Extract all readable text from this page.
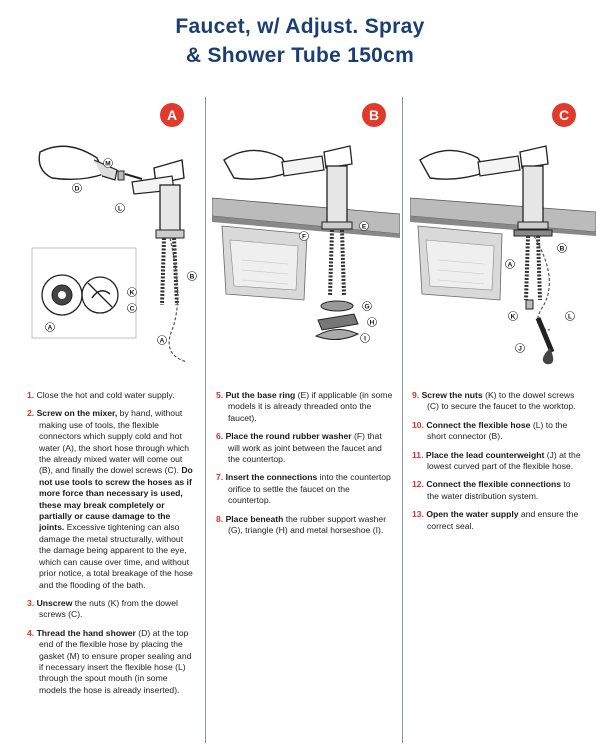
Faucet, w/ Adjust. Spray
& Shower Tube 150cm
A	B	C
M
D
L
B
K
C
A
A
E
F
G
H
I
A
B
K	L
J

1. Close the hot and cold water supply.

2. Screw on the mixer, by hand, without making use of tools, the flexible connectors which supply cold and hot water (A), the short hose through which the already mixed water will come out (B), and finally the dowel screws (C). Do not use tools to screw the hoses as if more force than necessary is used, these may break completely or partially or cause damage to the joints. Excessive tightening can also damage the metal structurally, without the damage being apparent to the eye, which can cause over time, and without prior notice, a total breakage of the hose and the flooding of the bath.

3. Unscrew the nuts (K) from the dowel screws (C).

4. Thread the hand shower (D) at the top end of the flexible hose by placing the gasket (M) to ensure proper sealing and if necessary insert the flexible hose (L) through the spout mouth (in some models the hose is already inserted).

5. Put the base ring (E) if applicable (in some models it is already threaded onto the faucet).

6. Place the round rubber washer (F) that will work as joint between the faucet and the countertop.

7. Insert the connections into the countertop orifice to settle the faucet on the countertop.

8. Place beneath the rubber support washer (G), triangle (H) and metal horseshoe (I).

9. Screw the nuts (K) to the dowel screws (C) to secure the faucet to the worktop.

10. Connect the flexible hose (L) to the short connector (B).

11. Place the lead counterweight (J) at the lowest curved part of the flexible hose.

12. Connect the flexible connections to the water distribution system.

13. Open the water supply and ensure the correct seal.
